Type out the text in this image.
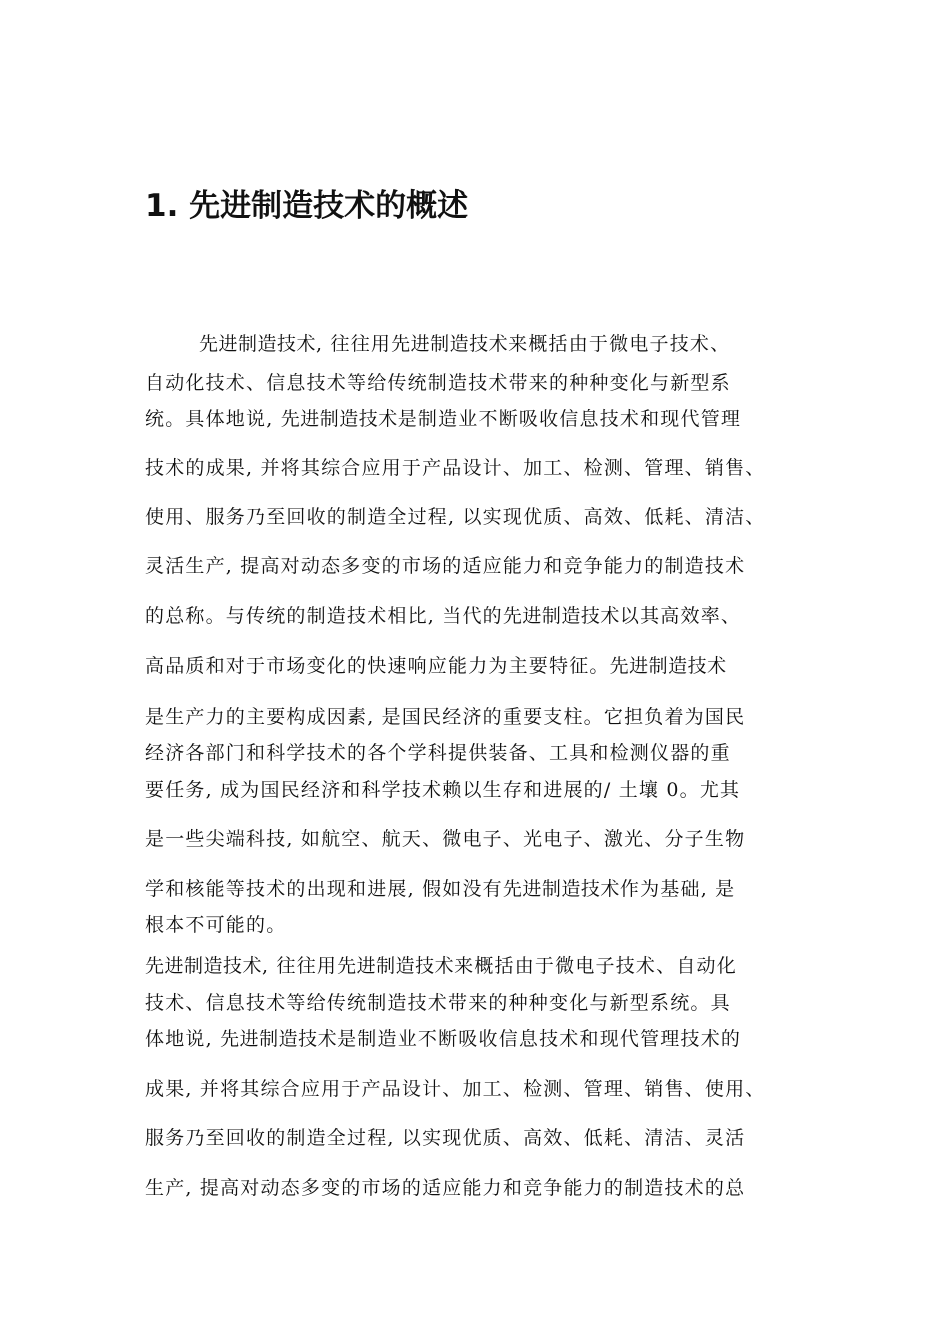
1. 先进制造技术的概述
先进制造技术, 往往用先进制造技术来概括由于微电子技术、
自动化技术、信息技术等给传统制造技术带来的种种变化与新型系
统。具体地说, 先进制造技术是制造业不断吸收信息技术和现代管理
技术的成果, 并将其综合应用于产品设计、加工、检测、管理、销售、
使用、服务乃至回收的制造全过程, 以实现优质、高效、低耗、清洁、
灵活生产, 提高对动态多变的市场的适应能力和竞争能力的制造技术
的总称。与传统的制造技术相比, 当代的先进制造技术以其高效率、
高品质和对于市场变化的快速响应能力为主要特征。先进制造技术
是生产力的主要构成因素, 是国民经济的重要支柱。它担负着为国民
经济各部门和科学技术的各个学科提供装备、工具和检测仪器的重
要任务, 成为国民经济和科学技术赖以生存和进展的/ 土壤 0。尤其
是一些尖端科技, 如航空、航天、微电子、光电子、激光、分子生物
学和核能等技术的出现和进展, 假如没有先进制造技术作为基础, 是
根本不可能的。
先进制造技术, 往往用先进制造技术来概括由于微电子技术、自动化
技术、信息技术等给传统制造技术带来的种种变化与新型系统。具
体地说, 先进制造技术是制造业不断吸收信息技术和现代管理技术的
成果, 并将其综合应用于产品设计、加工、检测、管理、销售、使用、
服务乃至回收的制造全过程, 以实现优质、高效、低耗、清洁、灵活
生产, 提高对动态多变的市场的适应能力和竞争能力的制造技术的总
